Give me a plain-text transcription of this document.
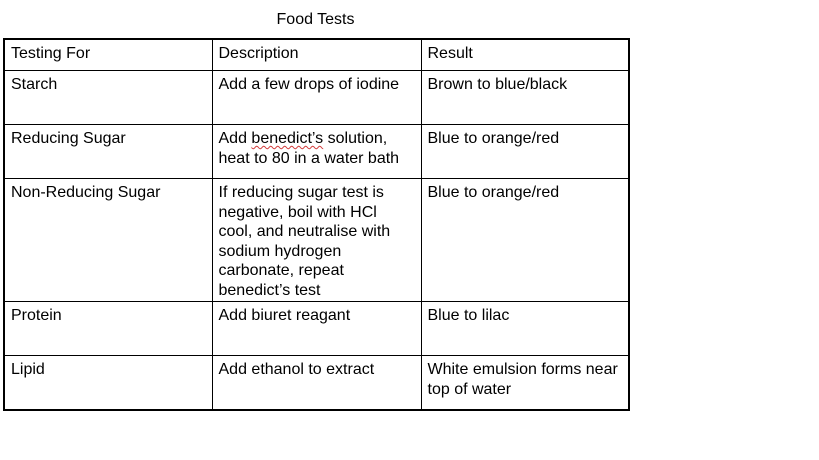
Food Tests
Testing For	Description	Result
Starch	Add a few drops of iodine	Brown to blue/black
Reducing Sugar	Add benedict’s solution, heat to 80 in a water bath	Blue to orange/red
Non-Reducing Sugar	If reducing sugar test is negative, boil with HCl cool, and neutralise with sodium hydrogen carbonate, repeat benedict’s test	Blue to orange/red
Protein	Add biuret reagant	Blue to lilac
Lipid	Add ethanol to extract	White emulsion forms near top of water
